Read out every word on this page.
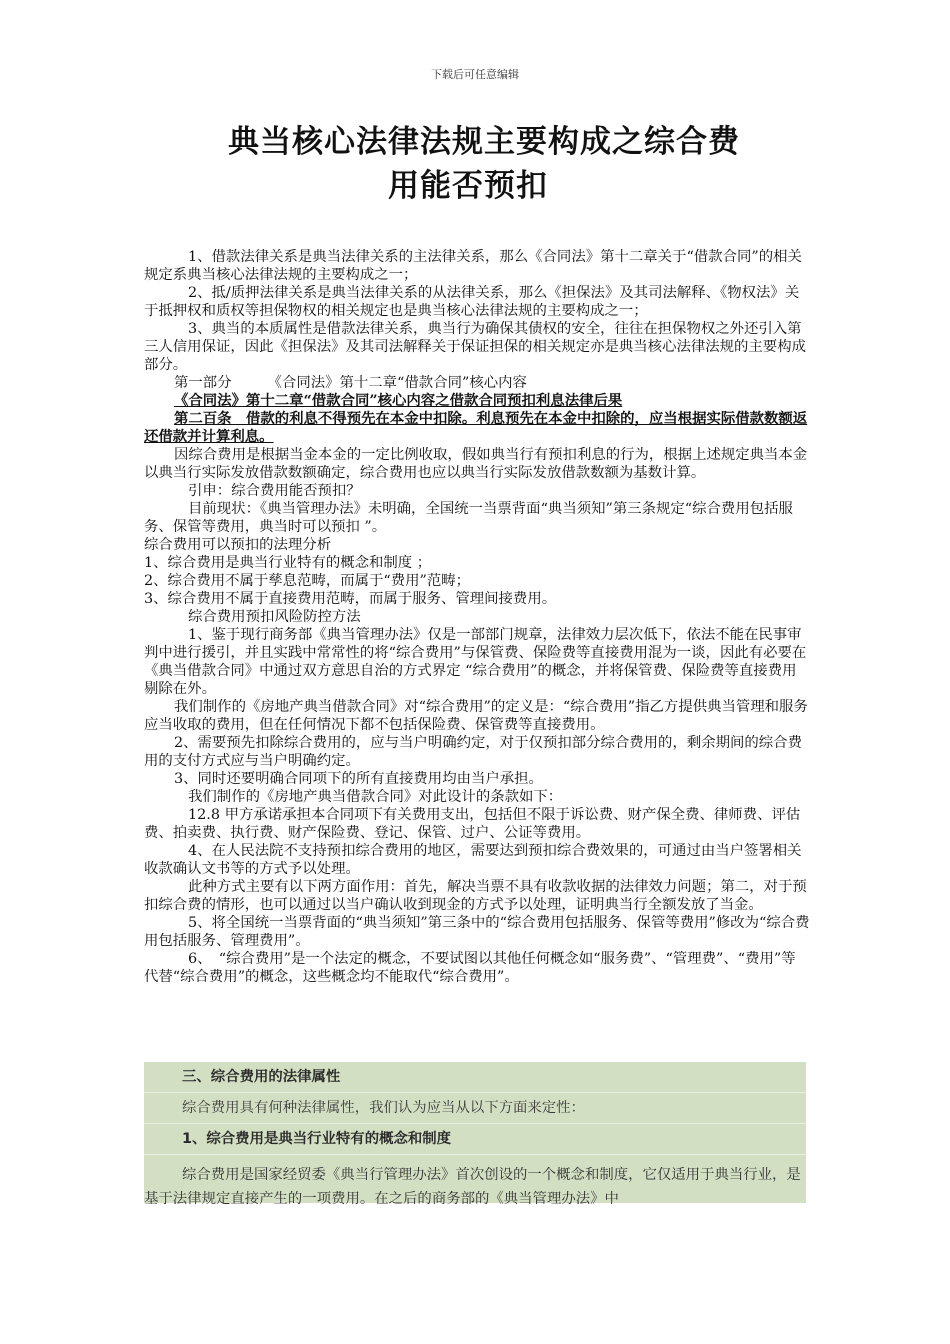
下载后可任意编辑
典当核心法律法规主要构成之综合费
用能否预扣

1、借款法律关系是典当法律关系的主法律关系，那么《合同法》第十二章关于“借款合同”的相关规定系典当核心法律法规的主要构成之一；

2、抵/质押法律关系是典当法律关系的从法律关系，那么《担保法》及其司法解释、《物权法》关于抵押权和质权等担保物权的相关规定也是典当核心法律法规的主要构成之一；

3、典当的本质属性是借款法律关系，典当行为确保其债权的安全，往往在担保物权之外还引入第三人信用保证，因此《担保法》及其司法解释关于保证担保的相关规定亦是典当核心法律法规的主要构成部分。

第一部分　　　《合同法》第十二章“借款合同”核心内容

《合同法》第十二章“借款合同”核心内容之借款合同预扣利息法律后果

第二百条　借款的利息不得预先在本金中扣除。利息预先在本金中扣除的，应当根据实际借款数额返还借款并计算利息。

因综合费用是根据当金本金的一定比例收取，假如典当行有预扣利息的行为，根据上述规定典当本金以典当行实际发放借款数额确定，综合费用也应以典当行实际发放借款数额为基数计算。

引申：综合费用能否预扣？

目前现状：《典当管理办法》未明确，全国统一当票背面“典当须知”第三条规定“综合费用包括服务、保管等费用，典当时可以预扣 ”。

综合费用可以预扣的法理分析

1、综合费用是典当行业特有的概念和制度 ；

2、综合费用不属于孳息范畴，而属于“费用”范畴；

3、综合费用不属于直接费用范畴，而属于服务、管理间接费用。

综合费用预扣风险防控方法

1、鉴于现行商务部《典当管理办法》仅是一部部门规章，法律效力层次低下，依法不能在民事审判中进行援引，并且实践中常常性的将“综合费用”与保管费、保险费等直接费用混为一谈，因此有必要在《典当借款合同》中通过双方意思自治的方式界定 “综合费用”的概念，并将保管费、保险费等直接费用剔除在外。

我们制作的《房地产典当借款合同》对“综合费用”的定义是：“综合费用”指乙方提供典当管理和服务应当收取的费用，但在任何情况下都不包括保险费、保管费等直接费用。

2、需要预先扣除综合费用的，应与当户明确约定，对于仅预扣部分综合费用的，剩余期间的综合费用的支付方式应与当户明确约定。

3、同时还要明确合同项下的所有直接费用均由当户承担。

我们制作的《房地产典当借款合同》对此设计的条款如下：

12.8 甲方承诺承担本合同项下有关费用支出，包括但不限于诉讼费、财产保全费、律师费、评估费、拍卖费、执行费、财产保险费、登记、保管、过户、公证等费用。

4、在人民法院不支持预扣综合费用的地区，需要达到预扣综合费效果的，可通过由当户签署相关收款确认文书等的方式予以处理。

此种方式主要有以下两方面作用：首先，解决当票不具有收款收据的法律效力问题；第二，对于预扣综合费的情形，也可以通过以当户确认收到现金的方式予以处理，证明典当行全额发放了当金。

5、将全国统一当票背面的“典当须知”第三条中的“综合费用包括服务、保管等费用”修改为“综合费用包括服务、管理费用”。

6、　“综合费用”是一个法定的概念，不要试图以其他任何概念如“服务费”、“管理费”、“费用”等代替“综合费用”的概念，这些概念均不能取代“综合费用”。

三、综合费用的法律属性

综合费用具有何种法律属性，我们认为应当从以下方面来定性：

1、综合费用是典当行业特有的概念和制度

综合费用是国家经贸委《典当行管理办法》首次创设的一个概念和制度，它仅适用于典当行业，是基于法律规定直接产生的一项费用。在之后的商务部的《典当管理办法》中
